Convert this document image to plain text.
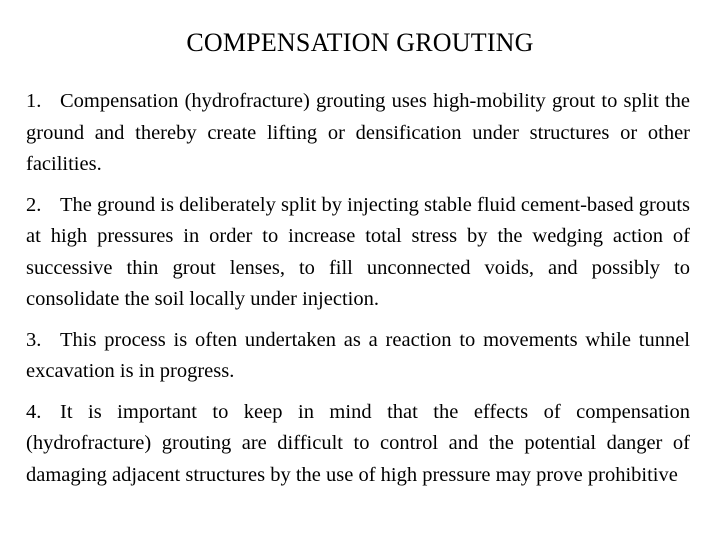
COMPENSATION GROUTING
1. Compensation (hydrofracture) grouting uses high-mobility grout to split the ground and thereby create lifting or densification under structures or other facilities.
2. The ground is deliberately split by injecting stable fluid cement-based grouts at high pressures in order to increase total stress by the wedging action of successive thin grout lenses, to fill unconnected voids, and possibly to consolidate the soil locally under injection.
3. This process is often undertaken as a reaction to movements while tunnel excavation is in progress.
4. It is important to keep in mind that the effects of compensation (hydrofracture) grouting are difficult to control and the potential danger of damaging adjacent structures by the use of high pressure may prove prohibitive
